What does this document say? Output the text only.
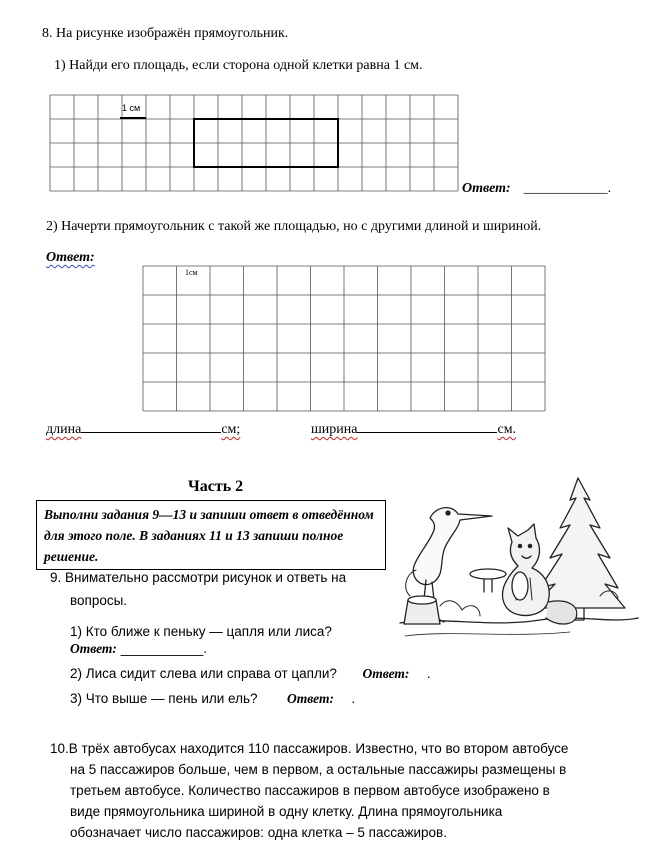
8. На рисунке изображён прямоугольник.
1) Найди его площадь, если сторона одной клетки равна 1 см.
1 см
Ответ: ____________.
2) Начерти прямоугольник с такой же площадью, но с другими длиной и шириной.
Ответ:
1см
длина	см;	ширина	см.
Часть 2
Выполни задания 9—13 и запиши ответ в отведённом для этого поле. В заданиях 11 и 13 запиши полное решение.
9. Внимательно рассмотри рисунок и ответь на
вопросы.
1) Кто ближе к пеньку — цапля или лиса?
Ответ: ___________.
2) Лиса сидит слева или справа от цапли? Ответ: .
3) Что выше — пень или ель? Ответ: .
10.В трёх автобусах находится 110 пассажиров. Известно, что во втором автобусе
на 5 пассажиров больше, чем в первом, а остальные пассажиры размещены в
третьем автобусе. Количество пассажиров в первом автобусе изображено в
виде прямоугольника шириной в одну клетку. Длина прямоугольника
обозначает число пассажиров: одна клетка – 5 пассажиров.
